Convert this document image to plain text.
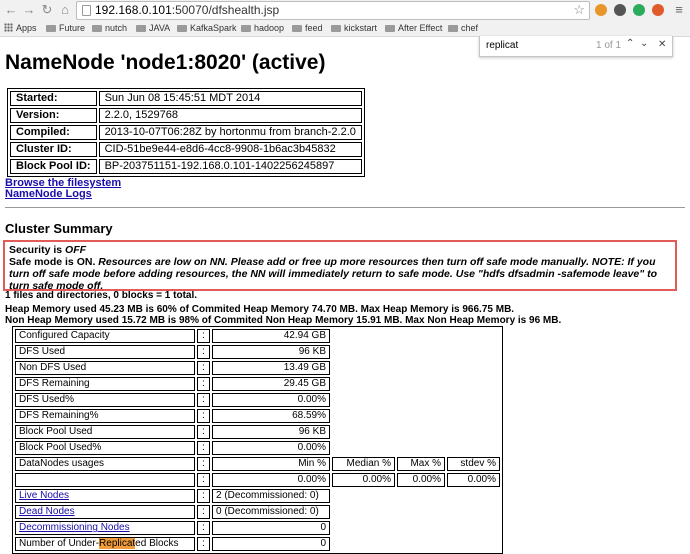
← → ↻ ⌂ 192.168.0.101:50070/dfshealth.jsp	☆	≡
Apps	Future	nutch	JAVA	KafkaSpark	hadoop	feed	kickstart	After Effect	chef
replicat	1 of 1 ⌃ ⌄ ✕
NameNode 'node1:8020' (active)
Started:	Sun Jun 08 15:45:51 MDT 2014
Version:	2.2.0, 1529768
Compiled:	2013-10-07T06:28Z by hortonmu from branch-2.2.0
Cluster ID:	CID-51be9e44-e8d6-4cc8-9908-1b6ac3b45832
Block Pool ID:	BP-203751151-192.168.0.101-1402256245897
Browse the filesystem
NameNode Logs
Cluster Summary
Security is OFF
Safe mode is ON. Resources are low on NN. Please add or free up more resources then turn off safe mode manually. NOTE: If you turn off safe mode before adding resources, the NN will immediately return to safe mode. Use "hdfs dfsadmin -safemode leave" to turn safe mode off.
1 files and directories, 0 blocks = 1 total.
Heap Memory used 45.23 MB is 60% of Commited Heap Memory 74.70 MB. Max Heap Memory is 966.75 MB.
Non Heap Memory used 15.72 MB is 98% of Commited Non Heap Memory 15.91 MB. Max Non Heap Memory is 96 MB.
Configured Capacity	:	42.94 GB			
DFS Used	:	96 KB			
Non DFS Used	:	13.49 GB			
DFS Remaining	:	29.45 GB			
DFS Used%	:	0.00%			
DFS Remaining%	:	68.59%			
Block Pool Used	:	96 KB			
Block Pool Used%	:	0.00%			
DataNodes usages	:	Min %	Median %	Max %	stdev %
	:	0.00%	0.00%	0.00%	0.00%
Live Nodes	:	2 (Decommissioned: 0)			
Dead Nodes	:	0 (Decommissioned: 0)			
Decommissioning Nodes	:	0			
Number of Under-Replicated Blocks	:	0			
